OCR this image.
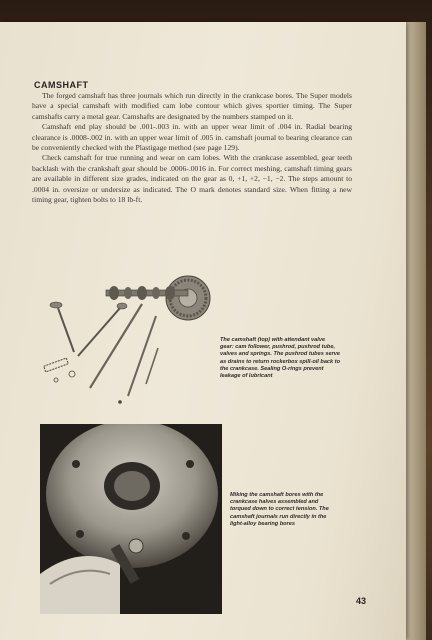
CAMSHAFT

The forged camshaft has three journals which run directly in the crankcase bores. The Super models have a special camshaft with modified cam lobe contour which gives sportier timing. The Super camshafts carry a metal gear. Camshafts are designated by the numbers stamped on it.

Camshaft end play should be .001-.003 in. with an upper wear limit of .004 in. Radial bearing clearance is .0008-.002 in. with an upper wear limit of .005 in. camshaft journal to bearing clearance can be conveniently checked with the Plastigage method (see page 129).

Check camshaft for true running and wear on cam lobes. With the crankcase assembled, gear teeth backlash with the crankshaft gear should be .0006-.0016 in. For correct meshing, camshaft timing gears are available in different size grades, indicated on the gear as 0, +1, +2, −1, −2. The steps amount to .0004 in. oversize or undersize as indicated. The O mark denotes standard size. When fitting a new timing gear, tighten bolts to 18 lb-ft.

The camshaft (top) with attendant valve gear: cam follower, pushrod, pushrod tube, valves and springs. The pushrod tubes serve as drains to return rockerbox spill-oil back to the crankcase. Sealing O-rings prevent leakage of lubricant
Miking the camshaft bores with the crankcase halves assembled and torqued down to correct tension. The camshaft journals run directly in the light-alloy bearing bores
43
